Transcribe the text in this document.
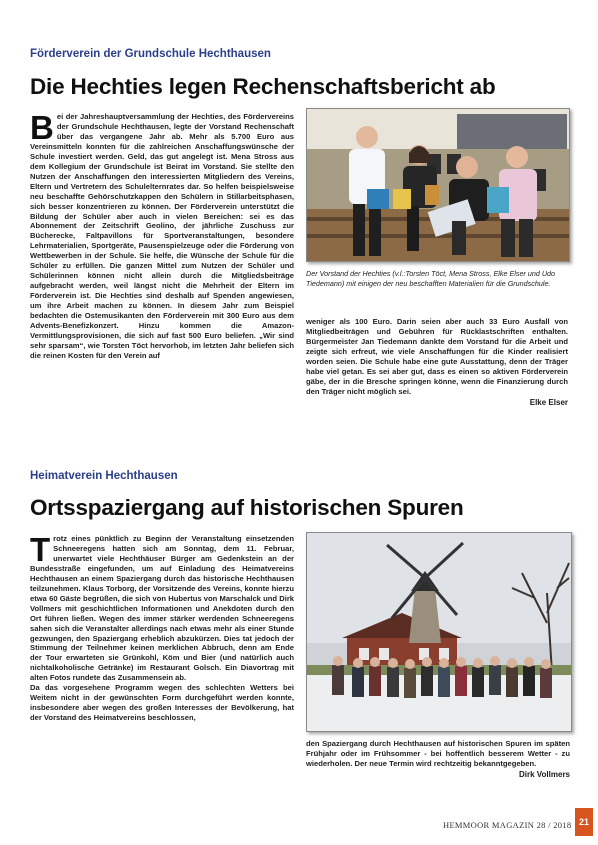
Förderverein der Grundschule Hechthausen
Die Hechties legen Rechenschaftsbericht ab
B ei der Jahreshauptversammlung der Hechties, des Fördervereins der Grundschule Hechthausen, legte der Vorstand Rechenschaft über das vergangene Jahr ab. Mehr als 5.700 Euro aus Vereinsmitteln konnten für die zahlreichen Anschaffungswünsche der Schule investiert werden. Geld, das gut angelegt ist. Mena Stross aus dem Kollegium der Grundschule ist Beirat im Vorstand. Sie stellte den Nutzen der Anschaffungen den interessierten Mitgliedern des Vereins, Eltern und Vertretern des Schulelternrates dar. So helfen beispielsweise neu beschaffte Gehörschutzkappen den Schülern in Stillarbeitsphasen, sich besser konzentrieren zu können. Der Förderverein unterstützt die Bildung der Schüler aber auch in vielen Bereichen: sei es das Abonnement der Zeitschrift Geolino, der jährliche Zuschuss zur Bücherecke, Faltpavillons für Sportveranstaltungen, besondere Lehrmaterialien, Sportgeräte, Pausenspielzeuge oder die Förderung von Wettbewerben in der Schule. Sie helfe, die Wünsche der Schule für die Schüler zu erfüllen. Die ganzen Mittel zum Nutzen der Schüler und Schülerinnen können nicht allein durch die Mitgliedsbeiträge aufgebracht werden, weil längst nicht die Mehrheit der Eltern im Förderverein ist. Die Hechties sind deshalb auf Spenden angewiesen, um ihre Arbeit machen zu können. In diesem Jahr zum Beispiel bedachten die Ostemusikanten den Förderverein mit 300 Euro aus dem Advents-Benefizkonzert. Hinzu kommen die Amazon-Vermittlungsprovisionen, die sich auf fast 500 Euro beliefen. „Wir sind sehr sparsam“, wie Torsten Töct hervorhob, im letzten Jahr beliefen sich die reinen Kosten für den Verein auf
Der Vorstand der Hechties (v.l.:Torsten Töct, Mena Stross, Elke Elser und Udo Tiedemann) mit einigen der neu beschafften Materialien für die Grundschule.
weniger als 100 Euro. Darin seien aber auch 33 Euro Ausfall von Mitgliedbeiträgen und Gebühren für Rücklastschriften enthalten. Bürgermeister Jan Tiedemann dankte dem Vorstand für die Arbeit und zeigte sich erfreut, wie viele Anschaffungen für die Kinder realisiert worden seien. Die Schule habe eine gute Ausstattung, denn der Träger habe viel getan. Es sei aber gut, dass es einen so aktiven Förderverein gäbe, der in die Bresche springen könne, wenn die Finanzierung durch den Träger nicht möglich sei.
Elke Elser
Heimatverein Hechthausen
Ortsspaziergang auf historischen Spuren
T rotz eines pünktlich zu Beginn der Veranstaltung einsetzenden Schneeregens hatten sich am Sonntag, dem 11. Februar, unerwartet viele Hechthäuser Bürger am Gedenkstein an der Bundesstraße eingefunden, um auf Einladung des Heimatvereins Hechthausen an einem Spaziergang durch das historische Hechthausen teilzunehmen. Klaus Torborg, der Vorsitzende des Vereins, konnte hierzu etwa 60 Gäste begrüßen, die sich von Hubertus von Marschalck und Dirk Vollmers mit geschichtlichen Informationen und Anekdoten durch den Ort führen ließen. Wegen des immer stärker werdenden Schneeregens sahen sich die Veranstalter allerdings nach etwas mehr als einer Stunde gezwungen, den Spaziergang erheblich abzukürzen. Dies tat jedoch der Stimmung der Teilnehmer keinen merklichen Abbruch, denn am Ende der Tour erwarteten sie Grünkohl, Köm und Bier (und natürlich auch nichtalkoholische Getränke) im Restaurant Golsch. Ein Diavortrag mit alten Fotos rundete das Zusammensein ab.

Da das vorgesehene Programm wegen des schlechten Wetters bei Weitem nicht in der gewünschten Form durchgeführt werden konnte, insbesondere aber wegen des großen Interesses der Bevölkerung, hat der Vorstand des Heimatvereins beschlossen,

den Spaziergang durch Hechthausen auf historischen Spuren im späten Frühjahr oder im Frühsommer - bei hoffentlich besserem Wetter - zu wiederholen. Der neue Termin wird rechtzeitig bekanntgegeben.
Dirk Vollmers
HEMMOOR MAGAZIN 28 / 2018 21
